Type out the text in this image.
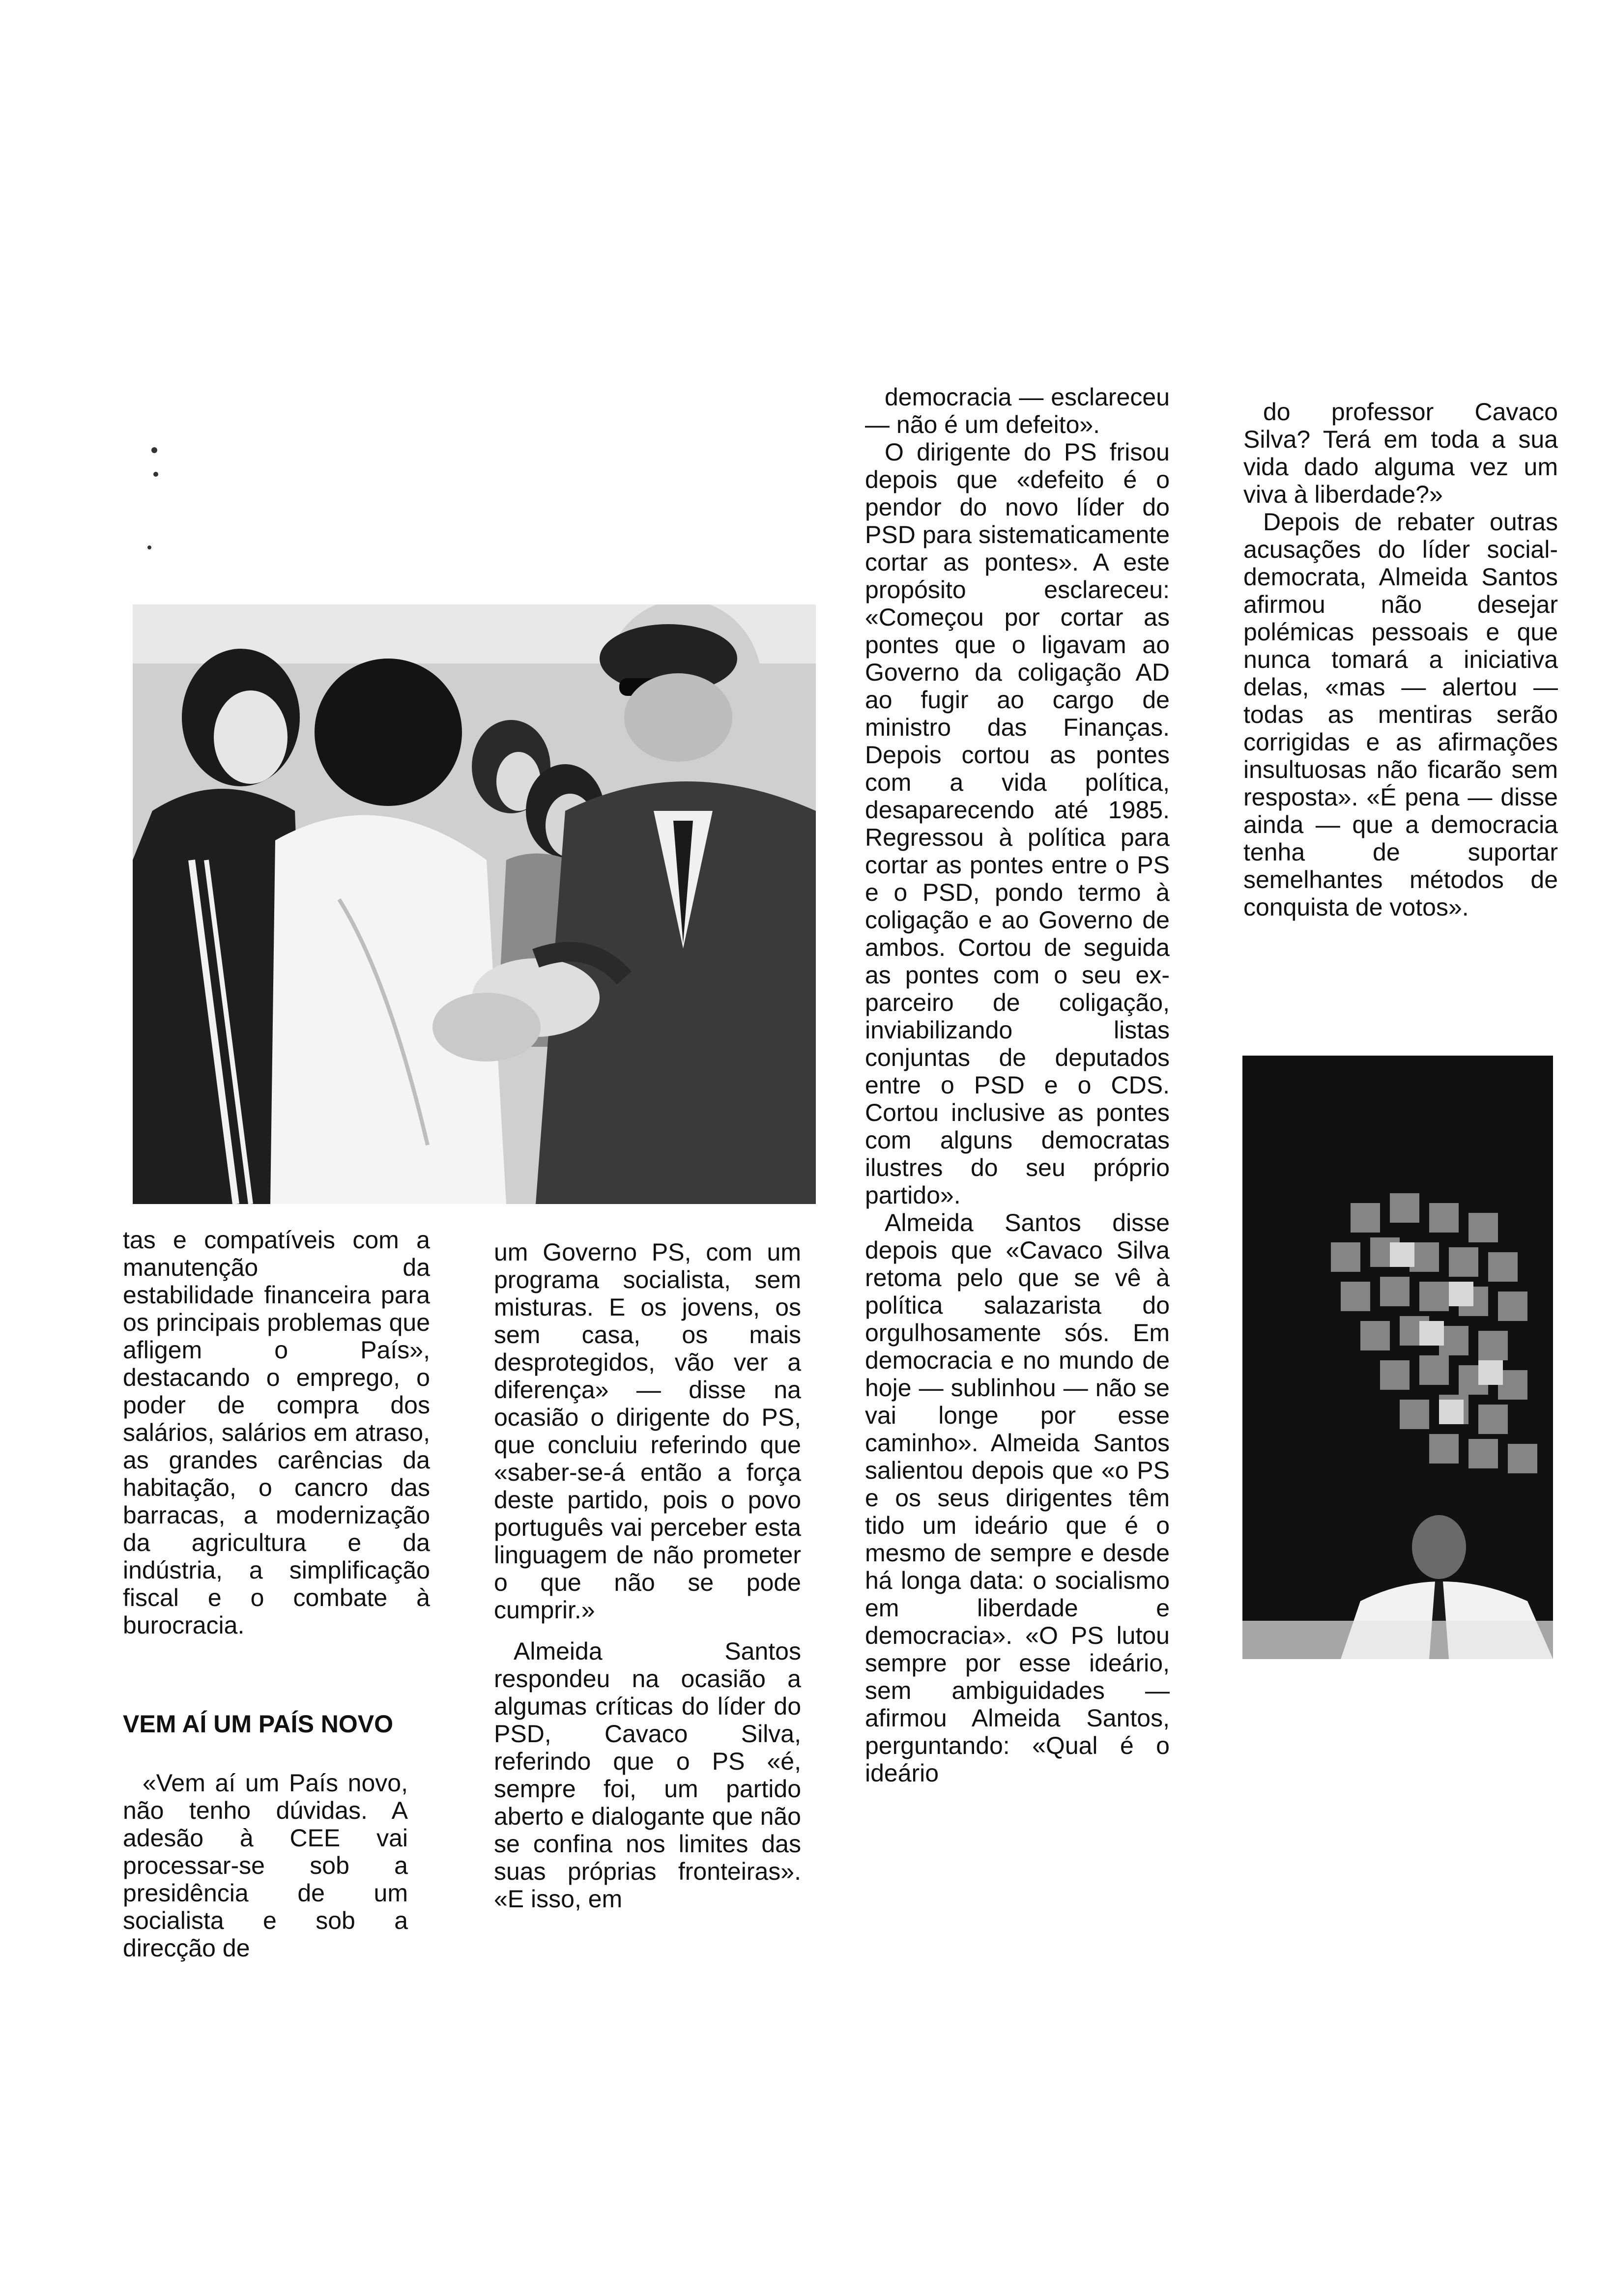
tas e compatíveis com a manutenção da estabilidade financeira para os principais problemas que afligem o País», destacando o emprego, o poder de compra dos salários, salários em atraso, as grandes carências da habitação, o cancro das barracas, a modernização da agricultura e da indústria, a simplificação fiscal e o combate à burocracia.

VEM AÍ UM PAÍS NOVO

«Vem aí um País novo, não tenho dúvidas. A adesão à CEE vai processar-se sob a presidência de um socialista e sob a direcção de

um Governo PS, com um programa socialista, sem misturas. E os jovens, os sem casa, os mais desprotegidos, vão ver a diferença» — disse na ocasião o dirigente do PS, que concluiu referindo que «saber-se-á então a força deste partido, pois o povo português vai perceber esta linguagem de não prometer o que não se pode cumprir.»

Almeida Santos respondeu na ocasião a algumas críticas do líder do PSD, Cavaco Silva, referindo que o PS «é, sempre foi, um partido aberto e dialogante que não se confina nos limites das suas próprias fronteiras». «E isso, em

democracia — esclareceu — não é um defeito».

O dirigente do PS frisou depois que «defeito é o pendor do novo líder do PSD para sistematicamente cortar as pontes». A este propósito esclareceu: «Começou por cortar as pontes que o ligavam ao Governo da coligação AD ao fugir ao cargo de ministro das Finanças. Depois cortou as pontes com a vida política, desaparecendo até 1985. Regressou à política para cortar as pontes entre o PS e o PSD, pondo termo à coligação e ao Governo de ambos. Cortou de seguida as pontes com o seu ex-parceiro de coligação, inviabilizando listas conjuntas de deputados entre o PSD e o CDS. Cortou inclusive as pontes com alguns democratas ilustres do seu próprio partido».

Almeida Santos disse depois que «Cavaco Silva retoma pelo que se vê à política salazarista do orgulhosamente sós. Em democracia e no mundo de hoje — sublinhou — não se vai longe por esse caminho». Almeida Santos salientou depois que «o PS e os seus dirigentes têm tido um ideário que é o mesmo de sempre e desde há longa data: o socialismo em liberdade e democracia». «O PS lutou sempre por esse ideário, sem ambiguidades — afirmou Almeida Santos, perguntando: «Qual é o ideário

do professor Cavaco Silva? Terá em toda a sua vida dado alguma vez um viva à liberdade?»

Depois de rebater outras acusações do líder social-democrata, Almeida Santos afirmou não desejar polémicas pessoais e que nunca tomará a iniciativa delas, «mas — alertou — todas as mentiras serão corrigidas e as afirmações insultuosas não ficarão sem resposta». «É pena — disse ainda — que a democracia tenha de suportar semelhantes métodos de conquista de votos».
